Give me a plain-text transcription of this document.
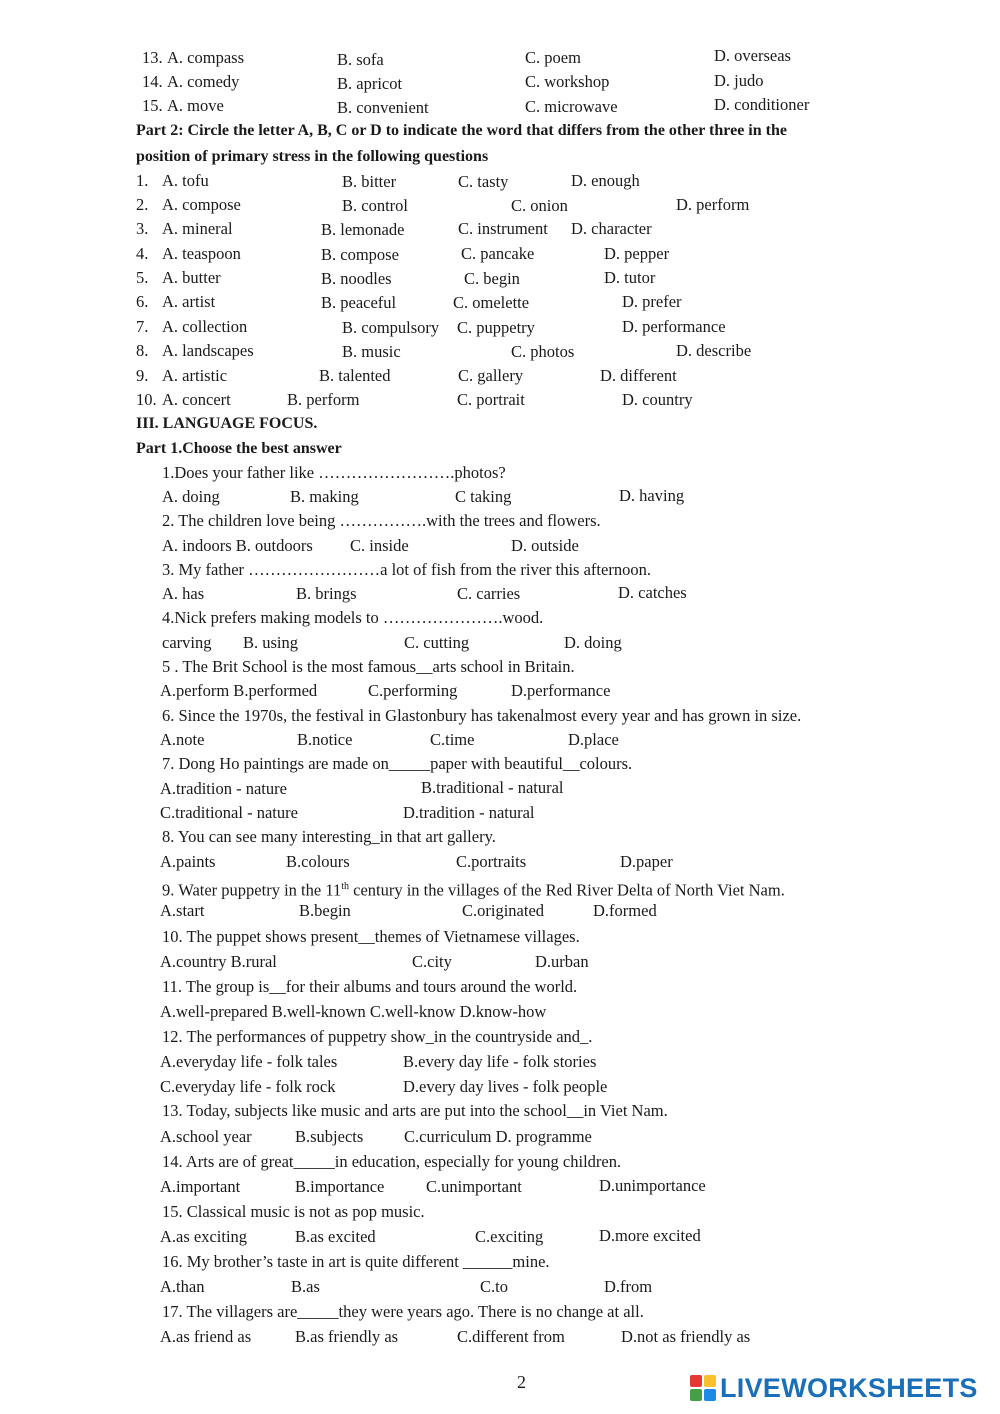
13. A. compass	B. sofa	C. poem	D. overseas
14. A. comedy	B. apricot	C. workshop	D. judo
15. A. move	B. convenient	C. microwave	D. conditioner
Part 2: Circle the letter A, B, C or D to indicate the word that differs from the other three in the
position of primary stress in the following questions
1. A. tofu	B. bitter	C. tasty	D. enough
2. A. compose	B. control	C. onion	D. perform
3. A. mineral	B. lemonade	C. instrument D. character
4. A. teaspoon	B. compose	C. pancake	D. pepper
5. A. butter	B. noodles	C. begin	D. tutor
6. A. artist	B. peaceful	C. omelette	D. prefer
7. A. collection	B. compulsory C. puppetry	D. performance
8. A. landscapes	B. music	C. photos	D. describe
9. A. artistic	B. talented	C. gallery	D. different
10. A. concert	B. perform	C. portrait	D. country
III. LANGUAGE FOCUS.
Part 1.Choose the best answer
1.Does your father like …………………….photos?
A. doing	B. making	C taking	D. having
2. The children love being …………….with the trees and flowers.
A. indoors B. outdoors C. inside	D. outside
3. My father ……………………a lot of fish from the river this afternoon.
A. has	B. brings	C. carries	D. catches
4.Nick prefers making models to ………………….wood.
carving B. using	C. cutting	D. doing
5 . The Brit School is the most famous__arts school in Britain.
A.perform B.performed	C.performing	D.performance
6. Since the 1970s, the festival in Glastonbury has takenalmost every year and has grown in size.
A.note	B.notice	C.time	D.place
7. Dong Ho paintings are made on_____paper with beautiful__colours.
A.tradition - nature	B.traditional - natural
C.traditional - nature	D.tradition - natural
8. You can see many interesting_in that art gallery.
A.paints	B.colours	C.portraits	D.paper
9. Water puppetry in the 11th century in the villages of the Red River Delta of North Viet Nam.
A.start	B.begin	C.originated	D.formed
10. The puppet shows present__themes of Vietnamese villages.
A.country B.rural	C.city	D.urban
11. The group is__for their albums and tours around the world.
A.well-prepared B.well-known C.well-know D.know-how
12. The performances of puppetry show_in the countryside and_.
A.everyday life - folk tales	B.every day life - folk stories
C.everyday life - folk rock	D.every day lives - folk people
13. Today, subjects like music and arts are put into the school__in Viet Nam.
A.school year	B.subjects C.curriculum D. programme
14. Arts are of great_____in education, especially for young children.
A.important	B.importance	C.unimportant	D.unimportance
15. Classical music is not as pop music.
A.as exciting	B.as excited	C.exciting	D.more excited
16. My brother’s taste in art is quite different ______mine.
A.than	B.as	C.to	D.from
17. The villagers are_____they were years ago. There is no change at all.
A.as friend as	B.as friendly as	C.different from	D.not as friendly as
2	LIVEWORKSHEETS
